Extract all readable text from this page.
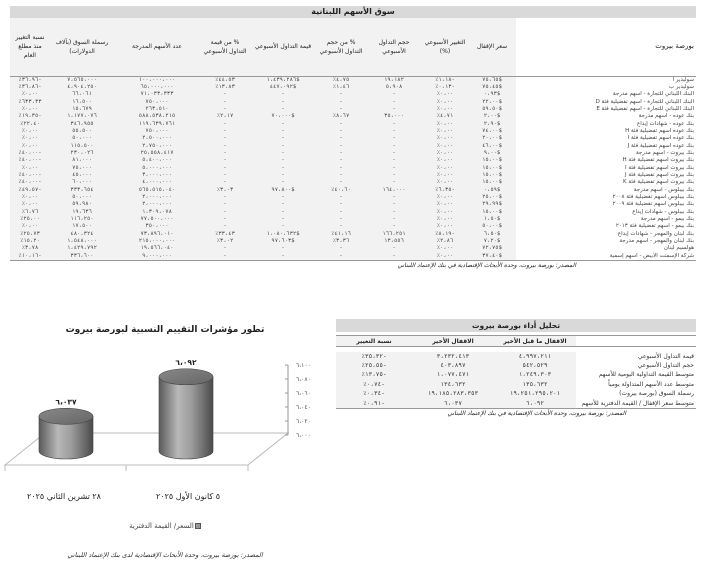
سوق الأسهم اللبنانية
بورصة بيروت	سعر الإقفال	التغيير الأسبوعي (%)	حجم التداول الأسبوعي	% من حجم التداول الأسبوعي	قيمة التداول الأسبوعي	% من قيمة التداول الأسبوعي	عدد الأسهم المدرجة	رسملة السوق (بآلاف الدولارات)	نسبة التغيير منذ مطلع العام
سوليدير أ	$٧٥،٦٥	-١،١٨٪	١٩،١٨٢	٤،٧٥٪	$١،٤٣٩،٢٨٦	٤٤،٥٣٪	١٠٠،٠٠٠،٠٠٠	٧،٥٦٥،٠٠٠	-٣٦،٩٦٪
سوليدير ب	$٧٥،٤٥	-٠،١٣٪	٥،٩٠٨	١،٤٦٪	$٤٤٧،٠٩٢	١٣،٨٣٪	٦٥،٠٠٠،٠٠٠	٤،٩٠٤،٢٥٠	-٣٦،٨٦٪
البنك اللبناني للتجارة - أسهم مدرجة	$٠،٩٣	٠،٠٠٪	-	-	-	-	٧١،٠٣٣،٣٣٣	٦٦،٠٦١	٠،٠٠٪
البنك اللبناني للتجارة - أسهم تفضيلية فئة D	$٢٢،٠٠	٠،٠٠٪	-	-	-	-	٧٥٠،٠٠٠	١٦،٥٠٠	٦٣٣،٣٣٪
البنك اللبناني للتجارة - أسهم تفضيلية فئة E	$٥٩،٥٠	٠،٠٠٪	-	-	-	-	٢٦٣،٥١٠	١٥،٦٧٩	٠،٠٠٪
بنك عوده - أسهم مدرجة	$٢،٠٠	٤،٧١٪	٣٥،٠٠٠	٨،٦٧٪	$٧٠،٠٠٠	٢،١٧٪	٥٨٨،٥٣٨،٢١٥	١،١٧٧،٠٧٦	-١٩،٣٥٪
بنك عوده - شهادات إيداع	$٢،٩٠	٠،٠٠٪	-	-	-	-	١١٩،٦٣٩،٧٦١	٣٤٦،٩٥٥	٢٢،٤٠٪
بنك عوده أسهم تفضيلية فئة H	$٧٤،٠٠	٠،٠٠٪	-	-	-	-	٧٥٠،٠٠٠	٥٥،٥٠٠	٠،٠٠٪
بنك عوده أسهم تفضيلية فئة I	$٢٠،٠٠	٠،٠٠٪	-	-	-	-	٢،٥٠٠،٠٠٠	٥٠،٠٠٠	٠،٠٠٪
بنك عوده أسهم تفضيلية فئة J	$٤٦،٠٠	٠،٠٠٪	-	-	-	-	٢،٧٥٠،٠٠٠	١١٥،٥٠٠	٠،٠٠٪
بنك بيروت - أسهم مدرجة	$٩،٠٠	٠،٠٠٪	-	-	-	-	٢٥،٥٥٨،٤١٧	٢٣٠،٠٢٦	-٤٠،٠٠٪
بنك بيروت أسهم تفضيلية فئة H	$١٥،٠٠	٠،٠٠٪	-	-	-	-	٥،٤٠٠،٠٠٠	٨١،٠٠٠	-٤٠،٠٠٪
بنك بيروت أسهم تفضيلية فئة I	$١٥،٠٠	٠،٠٠٪	-	-	-	-	٥،٠٠٠،٠٠٠	٧٥،٠٠٠	٠،٠٠٪
بنك بيروت أسهم تفضيلية فئة J	$١٥،٠٠	٠،٠٠٪	-	-	-	-	٣،٠٠٠،٠٠٠	٤٥،٠٠٠	-٤٠،٠٠٪
بنك بيروت أسهم تفضيلية فئة K	$١٥،٠٠	٠،٠٠٪	-	-	-	-	٤،٠٠٠،٠٠٠	٦٠،٠٠٠	-٤٠،٠٠٪
بنك بيبلوس - أسهم مدرجة	$٠،٥٩	-٦،٣٥٪	١٦٤،٠٠٠	٤٠،٦٠٪	$٩٧،٨٠٠	٣،٠٣٪	٥٦٥،٥١٥،٠٤٠	٣٣٣،٦٥٤	-٤٩،٥٧٪
بنك بيبلوس أسهم تفضيلية فئة ٢٠٠٨	$٢٥،٠٠	٠،٠٠٪	-	-	-	-	٢،٠٠٠،٠٠٠	٥٠،٠٠٠	٠،٠٠٪
بنك بيبلوس أسهم تفضيلية فئة ٢٠٠٩	$٢٩،٩٩	٠،٠٠٪	-	-	-	-	٢،٠٠٠،٠٠٠	٥٩،٩٨٠	٠،٠٠٪
بنك بيبلوس - شهادات إيداع	$١٥،٠٠	٠،٠٠٪	-	-	-	-	١،٣٠٩،٠٧٨	١٩،٦٣٦	٦،٧٦٪
بنك بيمو - أسهم مدرجة	$١،٥٠	٠،٠٠٪	-	-	-	-	٧٧،٥٠٠،٠٠٠	١١٦،٢٥٠	٢٥،٠٠٪
بنك بيمو - أسهم تفضيلية فئة ٢٠١٣	$٥٠،٠٠	٠،٠٠٪	-	-	-	-	٣٥٠،٠٠٠	١٧،٥٠٠	٠،٠٠٪
بنك لبنان والمهجر - شهادات إيداع	$٦،٥٠	-٨،١٩٪	١٦٦،٢٥١	٤١،١٦٪	$١،٠٨٠،٦٣٢	٣٣،٤٣٪	٧٣،٨٩٦،٠١٠	٤٨٠،٣٢٤	٢٥،٧٣٪
بنك لبنان والمهجر - أسهم مدرجة	$٧،٢٠	٢،٨٦٪	١٣،٥٥٦	٣،٣٦٪	$٩٧،٦٠٣	٣،٠٢٪	٢١٥،٠٠٠،٠٠٠	١،٥٤٨،٠٠٠	١٥،٢٠٪
هولسيم لبنان	$٧٢،٧٥	٠،٠٠٪	-	-	-	-	١٩،٥٦٦،٠٤٠	١،٤٢٩،٧٩٢	٣،٧٨٪
شركة الإسمنت الأبيض - أسهم إسمية	$٣٧،٤٠	٠،٠٠٪	-	-	-	-	٩،٠٠٠،٠٠٠	٣٣٦،٦٠٠	-١٠،١٦٪
المصدر: بورصة بيروت، وحدة الأبحاث الإقتصادية في بنك الإعتماد اللبناني
تطور مؤشرات التقييم النسبية لبورصة بيروت
٦،٠٠٠
٦،٠٢٠
٦،٠٤٠
٦،٠٦٠
٦،٠٨٠
٦،١٠٠
٦،٠٣٧
٢٨ تشرين الثاني ٢٠٢٥
٦،٠٩٢
٥ كانون الأول ٢٠٢٥
السعر/ القيمة الدفترية
المصدر: بورصة بيروت، وحدة الأبحاث الإقتصادية لدى بنك الإعتماد اللبناني
تحليل أداء بورصة بيروت
	الاقفال ما قبل الأخير	الاقفال الأخير	نسبة التغيير

قيمة التداول الأسبوعي	٤،٩٩٧،٢١١	٣،٢٣٢،٤١٣	-٣٥،٣٢٪
حجم التداول الأسبوعي	٥٤٢،٥٢٩	٤٠٣،٨٩٧	-٢٥،٥٥٪
متوسط القيمة التداولية اليومية للأسهم	١،٢٤٩،٣٠٣	١،٠٧٧،٤٧١	-١٣،٧٥٪
متوسط عدد الأسهم المتداولة يومياً	١٣٥،٦٣٢	١٣٤،٦٣٢	-٠،٧٤٪
رسملة السوق (بورصة بيروت)	١٩،٢٥١،٢٩٥،٢٠١	١٩،١٨٥،٢٨٣،٣٥٣	-٠،٣٤٪
متوسط سعر الإقفال / القيمة الدفترية للأسهم	٦،٠٩٢	٦،٠٣٧	-٠،٩١٪
المصدر: بورصة بيروت، وحدة الأبحاث الإقتصادية في بنك الإعتماد اللبناني
